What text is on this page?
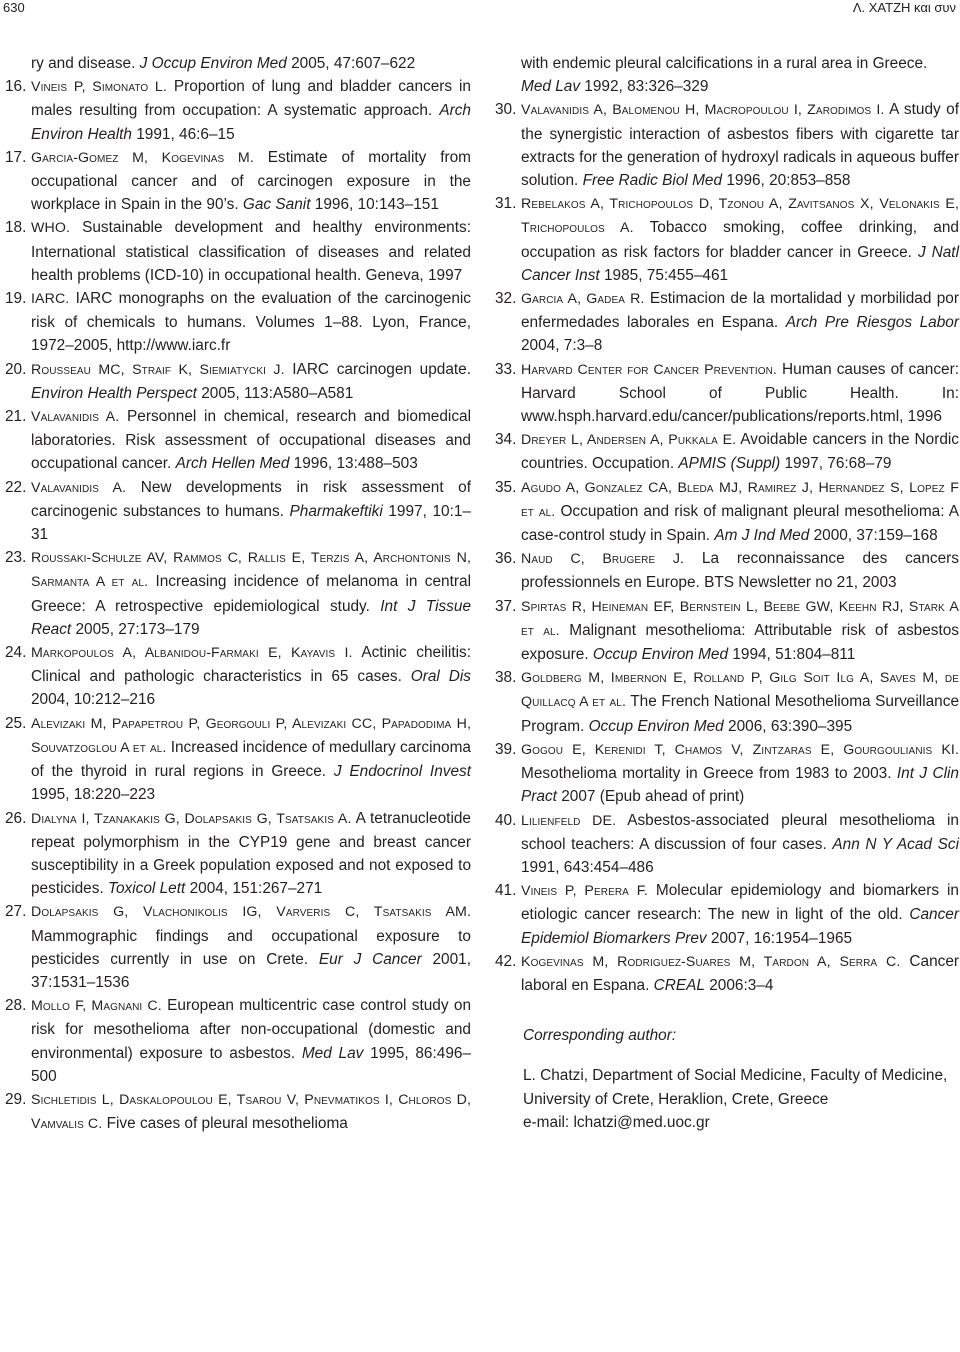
630	Λ. ΧΑΤΖΗ και συν
ry and disease. J Occup Environ Med 2005, 47:607–622
16. Vineis P, Simonato L. Proportion of lung and bladder cancers in males resulting from occupation: A systematic approach. Arch Environ Health 1991, 46:6–15
17. Garcia-Gomez M, Kogevinas M. Estimate of mortality from occupational cancer and of carcinogen exposure in the workplace in Spain in the 90’s. Gac Sanit 1996, 10:143–151
18. WHO. Sustainable development and healthy environments: International statistical classification of diseases and related health problems (ICD-10) in occupational health. Geneva, 1997
19. IARC. IARC monographs on the evaluation of the carcinogenic risk of chemicals to humans. Volumes 1–88. Lyon, France, 1972–2005, http://www.iarc.fr
20. Rousseau MC, Straif K, Siemiatycki J. IARC carcinogen update. Environ Health Perspect 2005, 113:A580–A581
21. Valavanidis A. Personnel in chemical, research and biomedical laboratories. Risk assessment of occupational diseases and occupational cancer. Arch Hellen Med 1996, 13:488–503
22. Valavanidis A. New developments in risk assessment of carcinogenic substances to humans. Pharmakeftiki 1997, 10:1–31
23. Roussaki-Schulze AV, Rammos C, Rallis E, Terzis A, Archontonis N, Sarmanta A et al. Increasing incidence of melanoma in central Greece: A retrospective epidemiological study. Int J Tissue React 2005, 27:173–179
24. Markopoulos A, Albanidou-Farmaki E, Kayavis I. Actinic cheilitis: Clinical and pathologic characteristics in 65 cases. Oral Dis 2004, 10:212–216
25. Alevizaki M, Papapetrou P, Georgouli P, Alevizaki CC, Papadodima H, Souvatzoglou A et al. Increased incidence of medullary carcinoma of the thyroid in rural regions in Greece. J Endocrinol Invest 1995, 18:220–223
26. Dialyna I, Tzanakakis G, Dolapsakis G, Tsatsakis A. A tetranucleotide repeat polymorphism in the CYP19 gene and breast cancer susceptibility in a Greek population exposed and not exposed to pesticides. Toxicol Lett 2004, 151:267–271
27. Dolapsakis G, Vlachonikolis IG, Varveris C, Tsatsakis AM. Mammographic findings and occupational exposure to pesticides currently in use on Crete. Eur J Cancer 2001, 37:1531–1536
28. Mollo F, Magnani C. European multicentric case control study on risk for mesothelioma after non-occupational (domestic and environmental) exposure to asbestos. Med Lav 1995, 86:496–500
29. Sichletidis L, Daskalopoulou E, Tsarou V, Pnevmatikos I, Chloros D, Vamvalis C. Five cases of pleural mesothelioma
with endemic pleural calcifications in a rural area in Greece. Med Lav 1992, 83:326–329
30. Valavanidis A, Balomenou H, Macropoulou I, Zarodimos I. A study of the synergistic interaction of asbestos fibers with cigarette tar extracts for the generation of hydroxyl radicals in aqueous buffer solution. Free Radic Biol Med 1996, 20:853–858
31. Rebelakos A, Trichopoulos D, Tzonou A, Zavitsanos X, Velonakis E, Trichopoulos A. Tobacco smoking, coffee drinking, and occupation as risk factors for bladder cancer in Greece. J Natl Cancer Inst 1985, 75:455–461
32. Garcia A, Gadea R. Estimacion de la mortalidad y morbilidad por enfermedades laborales en Espana. Arch Pre Riesgos Labor 2004, 7:3–8
33. Harvard Center for Cancer Prevention. Human causes of cancer: Harvard School of Public Health. In: www.hsph.harvard.edu/cancer/publications/reports.html, 1996
34. Dreyer L, Andersen A, Pukkala E. Avoidable cancers in the Nordic countries. Occupation. APMIS (Suppl) 1997, 76:68–79
35. Agudo A, Gonzalez CA, Bleda MJ, Ramirez J, Hernandez S, Lopez F et al. Occupation and risk of malignant pleural mesothelioma: A case-control study in Spain. Am J Ind Med 2000, 37:159–168
36. Naud C, Brugere J. La reconnaissance des cancers professionnels en Europe. BTS Newsletter no 21, 2003
37. Spirtas R, Heineman EF, Bernstein L, Beebe GW, Keehn RJ, Stark A et al. Malignant mesothelioma: Attributable risk of asbestos exposure. Occup Environ Med 1994, 51:804–811
38. Goldberg M, Imbernon E, Rolland P, Gilg Soit Ilg A, Saves M, de Quillacq A et al. The French National Mesothelioma Surveillance Program. Occup Environ Med 2006, 63:390–395
39. Gogou E, Kerenidi T, Chamos V, Zintzaras E, Gourgoulianis KI. Mesothelioma mortality in Greece from 1983 to 2003. Int J Clin Pract 2007 (Epub ahead of print)
40. Lilienfeld DE. Asbestos-associated pleural mesothelioma in school teachers: A discussion of four cases. Ann N Y Acad Sci 1991, 643:454–486
41. Vineis P, Perera F. Molecular epidemiology and biomarkers in etiologic cancer research: The new in light of the old. Cancer Epidemiol Biomarkers Prev 2007, 16:1954–1965
42. Kogevinas M, Rodriguez-Suares M, Tardon A, Serra C. Cancer laboral en Espana. CREAL 2006:3–4
Corresponding author:
L. Chatzi, Department of Social Medicine, Faculty of Medicine, University of Crete, Heraklion, Crete, Greece
e-mail: lchatzi@med.uoc.gr
